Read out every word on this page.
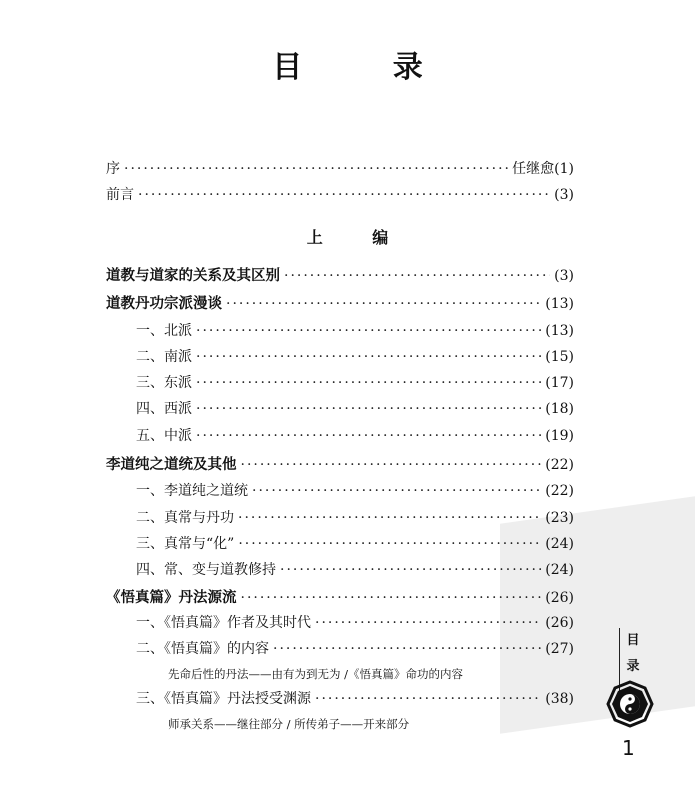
目 录
序 ·····	任继愈(1)
前言 ·····	(3)
上 编
道教与道家的关系及其区别 ·····	(3)
道教丹功宗派漫谈 ·····	(13)
一、北派 ·····	(13)
二、南派 ·····	(15)
三、东派 ·····	(17)
四、西派 ·····	(18)
五、中派 ·····	(19)
李道纯之道统及其他 ·····	(22)
一、李道纯之道统 ·····	(22)
二、真常与丹功 ·····	(23)
三、真常与“化” ·····	(24)
四、常、变与道教修持 ·····	(24)
《悟真篇》丹法源流 ·····	(26)
一、《悟真篇》作者及其时代 ·····	(26)
二、《悟真篇》的内容 ·····	(27)
先命后性的丹法——由有为到无为 /《悟真篇》命功的内容
三、《悟真篇》丹法授受渊源 ·····	(38)
师承关系——继往部分 / 所传弟子——开来部分
目
录
1
